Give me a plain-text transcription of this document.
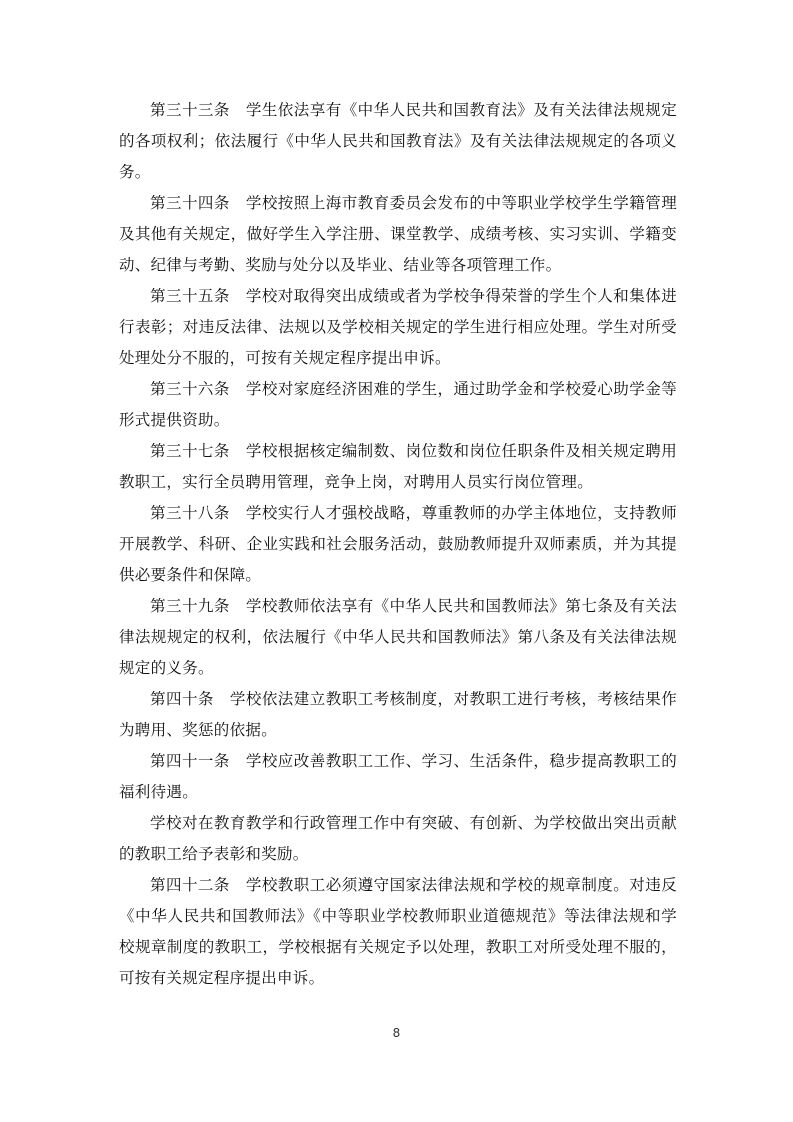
第三十三条　学生依法享有《中华人民共和国教育法》及有关法律法规规定的各项权利；依法履行《中华人民共和国教育法》及有关法律法规规定的各项义务。

第三十四条　学校按照上海市教育委员会发布的中等职业学校学生学籍管理及其他有关规定，做好学生入学注册、课堂教学、成绩考核、实习实训、学籍变动、纪律与考勤、奖励与处分以及毕业、结业等各项管理工作。

第三十五条　学校对取得突出成绩或者为学校争得荣誉的学生个人和集体进行表彰；对违反法律、法规以及学校相关规定的学生进行相应处理。学生对所受处理处分不服的，可按有关规定程序提出申诉。

第三十六条　学校对家庭经济困难的学生，通过助学金和学校爱心助学金等形式提供资助。

第三十七条　学校根据核定编制数、岗位数和岗位任职条件及相关规定聘用教职工，实行全员聘用管理，竞争上岗，对聘用人员实行岗位管理。

第三十八条　学校实行人才强校战略，尊重教师的办学主体地位，支持教师开展教学、科研、企业实践和社会服务活动，鼓励教师提升双师素质，并为其提供必要条件和保障。

第三十九条　学校教师依法享有《中华人民共和国教师法》第七条及有关法律法规规定的权利，依法履行《中华人民共和国教师法》第八条及有关法律法规规定的义务。

第四十条　学校依法建立教职工考核制度，对教职工进行考核，考核结果作为聘用、奖惩的依据。

第四十一条　学校应改善教职工工作、学习、生活条件，稳步提高教职工的福利待遇。

学校对在教育教学和行政管理工作中有突破、有创新、为学校做出突出贡献的教职工给予表彰和奖励。

第四十二条　学校教职工必须遵守国家法律法规和学校的规章制度。对违反《中华人民共和国教师法》《中等职业学校教师职业道德规范》等法律法规和学校规章制度的教职工，学校根据有关规定予以处理，教职工对所受处理不服的，可按有关规定程序提出申诉。

8
